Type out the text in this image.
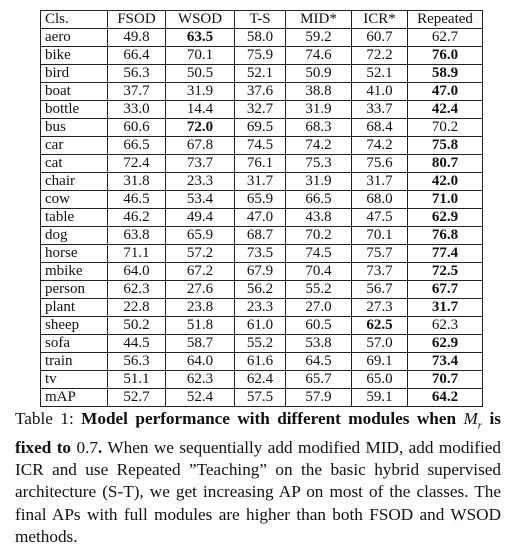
Cls.	FSOD	WSOD	T-S	MID*	ICR*	Repeated
aero	49.8	63.5	58.0	59.2	60.7	62.7
bike	66.4	70.1	75.9	74.6	72.2	76.0
bird	56.3	50.5	52.1	50.9	52.1	58.9
boat	37.7	31.9	37.6	38.8	41.0	47.0
bottle	33.0	14.4	32.7	31.9	33.7	42.4
bus	60.6	72.0	69.5	68.3	68.4	70.2
car	66.5	67.8	74.5	74.2	74.2	75.8
cat	72.4	73.7	76.1	75.3	75.6	80.7
chair	31.8	23.3	31.7	31.9	31.7	42.0
cow	46.5	53.4	65.9	66.5	68.0	71.0
table	46.2	49.4	47.0	43.8	47.5	62.9
dog	63.8	65.9	68.7	70.2	70.1	76.8
horse	71.1	57.2	73.5	74.5	75.7	77.4
mbike	64.0	67.2	67.9	70.4	73.7	72.5
person	62.3	27.6	56.2	55.2	56.7	67.7
plant	22.8	23.8	23.3	27.0	27.3	31.7
sheep	50.2	51.8	61.0	60.5	62.5	62.3
sofa	44.5	58.7	55.2	53.8	57.0	62.9
train	56.3	64.0	61.6	64.5	69.1	73.4
tv	51.1	62.3	62.4	65.7	65.0	70.7
mAP	52.7	52.4	57.5	57.9	59.1	64.2
Table 1: Model performance with different modules when $M_r$ is fixed to 0.7. When we sequentially add modified MID, add modified ICR and use Repeated ”Teaching” on the basic hybrid supervised architecture (S-T), we get increasing AP on most of the classes. The final APs with full modules are higher than both FSOD and WSOD methods.
